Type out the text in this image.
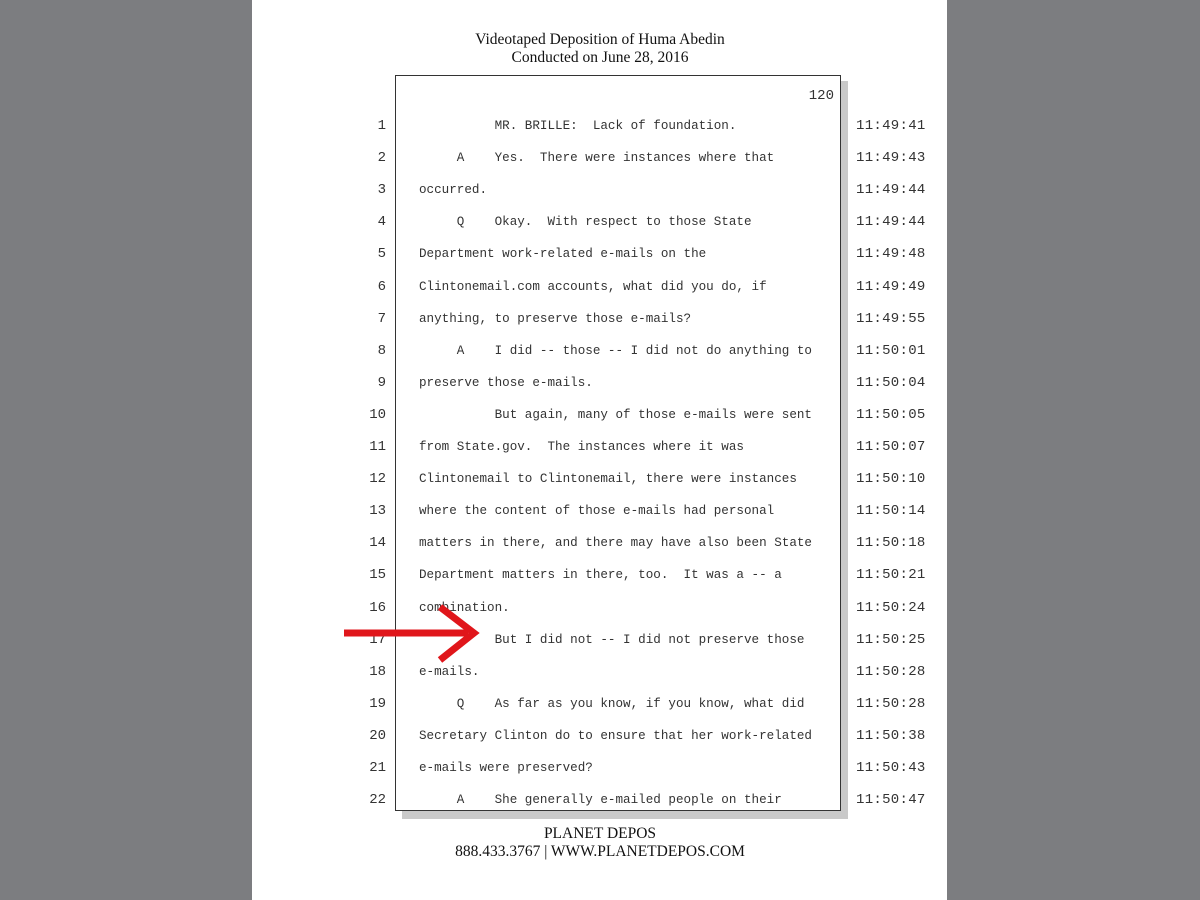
Videotaped Deposition of Huma Abedin
Conducted on June 28, 2016
120
1	MR. BRILLE:  Lack of foundation.	11:49:41
2	A    Yes.  There were instances where that	11:49:43
3	occurred.	11:49:44
4	Q    Okay.  With respect to those State	11:49:44
5	Department work-related e-mails on the	11:49:48
6	Clintonemail.com accounts, what did you do, if	11:49:49
7	anything, to preserve those e-mails?	11:49:55
8	A    I did -- those -- I did not do anything to	11:50:01
9	preserve those e-mails.	11:50:04
10	But again, many of those e-mails were sent	11:50:05
11	from State.gov.  The instances where it was	11:50:07
12	Clintonemail to Clintonemail, there were instances	11:50:10
13	where the content of those e-mails had personal	11:50:14
14	matters in there, and there may have also been State	11:50:18
15	Department matters in there, too.  It was a -- a	11:50:21
16	combination.	11:50:24
17	But I did not -- I did not preserve those	11:50:25
18	e-mails.	11:50:28
19	Q    As far as you know, if you know, what did	11:50:28
20	Secretary Clinton do to ensure that her work-related	11:50:38
21	e-mails were preserved?	11:50:43
22	A    She generally e-mailed people on their	11:50:47
PLANET DEPOS
888.433.3767 | WWW.PLANETDEPOS.COM
